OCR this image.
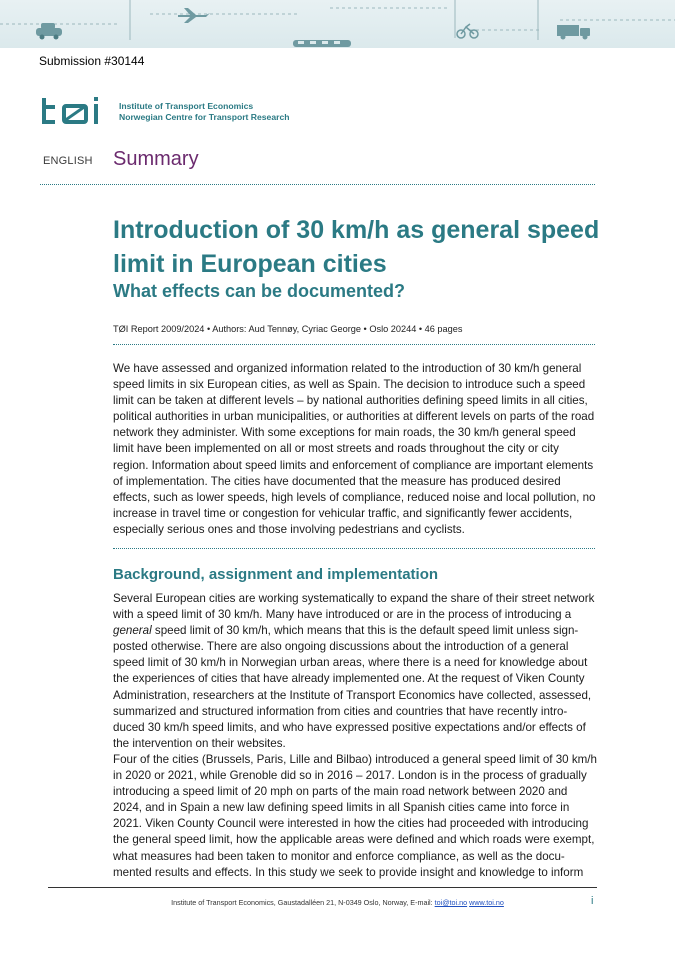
Submission #30144
Institute of Transport Economics
Norwegian Centre for Transport Research
ENGLISH Summary
Introduction of 30 km/h as general speed
limit in European cities
What effects can be documented?
TØI Report 2009/2024 • Authors: Aud Tennøy, Cyriac George • Oslo 20244 • 46 pages

We have assessed and organized information related to the introduction of 30 km/h general speed limits in six European cities, as well as Spain. The decision to introduce such a speed limit can be taken at different levels – by national authorities defining speed limits in all cities, political authorities in urban municipalities, or authorities at different levels on parts of the road network they administer. With some exceptions for main roads, the 30 km/h general speed limit have been implemented on all or most streets and roads throughout the city or city region. Information about speed limits and enforcement of compliance are important elements of implementation. The cities have documented that the measure has produced desired effects, such as lower speeds, high levels of compliance, reduced noise and local pollution, no increase in travel time or congestion for vehicular traffic, and significantly fewer accidents, especially serious ones and those involving pedestrians and cyclists.

Background, assignment and implementation

Several European cities are working systematically to expand the share of their street network with a speed limit of 30 km/h. Many have introduced or are in the process of introducing a general speed limit of 30 km/h, which means that this is the default speed limit unless sign-posted otherwise. There are also ongoing discussions about the introduction of a general speed limit of 30 km/h in Norwegian urban areas, where there is a need for knowledge about the experiences of cities that have already implemented one. At the request of Viken County Administration, researchers at the Institute of Transport Economics have collected, assessed, summarized and structured information from cities and countries that have recently intro-duced 30 km/h speed limits, and who have expressed positive expectations and/or effects of the intervention on their websites.

Four of the cities (Brussels, Paris, Lille and Bilbao) introduced a general speed limit of 30 km/h in 2020 or 2021, while Grenoble did so in 2016 – 2017. London is in the process of gradually introducing a speed limit of 20 mph on parts of the main road network between 2020 and 2024, and in Spain a new law defining speed limits in all Spanish cities came into force in 2021. Viken County Council were interested in how the cities had proceeded with introducing the general speed limit, how the applicable areas were defined and which roads were exempt, what measures had been taken to monitor and enforce compliance, as well as the docu-mented results and effects. In this study we seek to provide insight and knowledge to inform

Institute of Transport Economics, Gaustadalléen 21, N-0349 Oslo, Norway, E-mail: toi@toi.no www.toi.no	i
